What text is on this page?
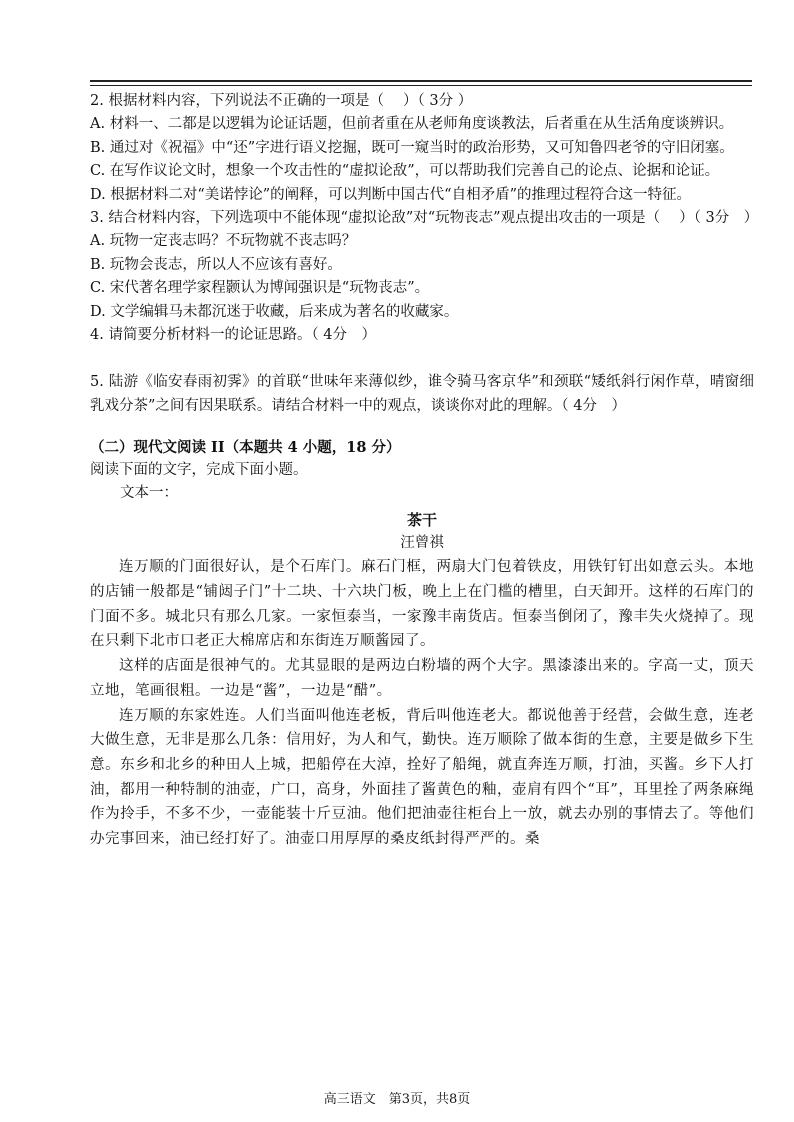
2. 根据材料内容，下列说法不正确的一项是（　 ）（ 3分 ）

A. 材料一、二都是以逻辑为论证话题，但前者重在从老师角度谈教法，后者重在从生活角度谈辨识。

B. 通过对《祝福》中“还”字进行语义挖掘，既可一窥当时的政治形势，又可知鲁四老爷的守旧闭塞。

C. 在写作议论文时，想象一个攻击性的“虚拟论敌”，可以帮助我们完善自己的论点、论据和论证。

D. 根据材料二对“美诺悖论”的阐释，可以判断中国古代“自相矛盾”的推理过程符合这一特征。

3. 结合材料内容，下列选项中不能体现“虚拟论敌”对“玩物丧志”观点提出攻击的一项是（　 ）（ 3分　）

A. 玩物一定丧志吗？不玩物就不丧志吗？

B. 玩物会丧志，所以人不应该有喜好。

C. 宋代著名理学家程颢认为博闻强识是“玩物丧志”。

D. 文学编辑马未都沉迷于收藏，后来成为著名的收藏家。

4. 请简要分析材料一的论证思路。（ 4分　）

5. 陆游《临安春雨初霁》的首联“世味年来薄似纱，谁令骑马客京华”和颈联“矮纸斜行闲作草，晴窗细乳戏分茶”之间有因果联系。请结合材料一中的观点，谈谈你对此的理解。（ 4分　）

（二）现代文阅读 II（本题共 4 小题，18 分）

阅读下面的文字，完成下面小题。

文本一：

茶干
汪曾祺

连万顺的门面很好认，是个石库门。麻石门框，两扇大门包着铁皮，用铁钉钉出如意云头。本地的店铺一般都是“铺闼子门”十二块、十六块门板，晚上上在门槛的槽里，白天卸开。这样的石库门的门面不多。城北只有那么几家。一家恒泰当，一家豫丰南货店。恒泰当倒闭了，豫丰失火烧掉了。现在只剩下北市口老正大棉席店和东街连万顺酱园了。

这样的店面是很神气的。尤其显眼的是两边白粉墙的两个大字。黑漆漆出来的。字高一丈，顶天立地，笔画很粗。一边是“酱”，一边是“醋”。

连万顺的东家姓连。人们当面叫他连老板，背后叫他连老大。都说他善于经营，会做生意，连老大做生意，无非是那么几条：信用好，为人和气，勤快。连万顺除了做本街的生意，主要是做乡下生意。东乡和北乡的种田人上城，把船停在大淖，拴好了船绳，就直奔连万顺，打油，买酱。乡下人打油，都用一种特制的油壶，广口，高身，外面挂了酱黄色的釉，壶肩有四个“耳”，耳里拴了两条麻绳作为拎手，不多不少，一壶能装十斤豆油。他们把油壶往柜台上一放，就去办别的事情去了。等他们办完事回来，油已经打好了。油壶口用厚厚的桑皮纸封得严严的。桑

高三语文　第3页，共8页
